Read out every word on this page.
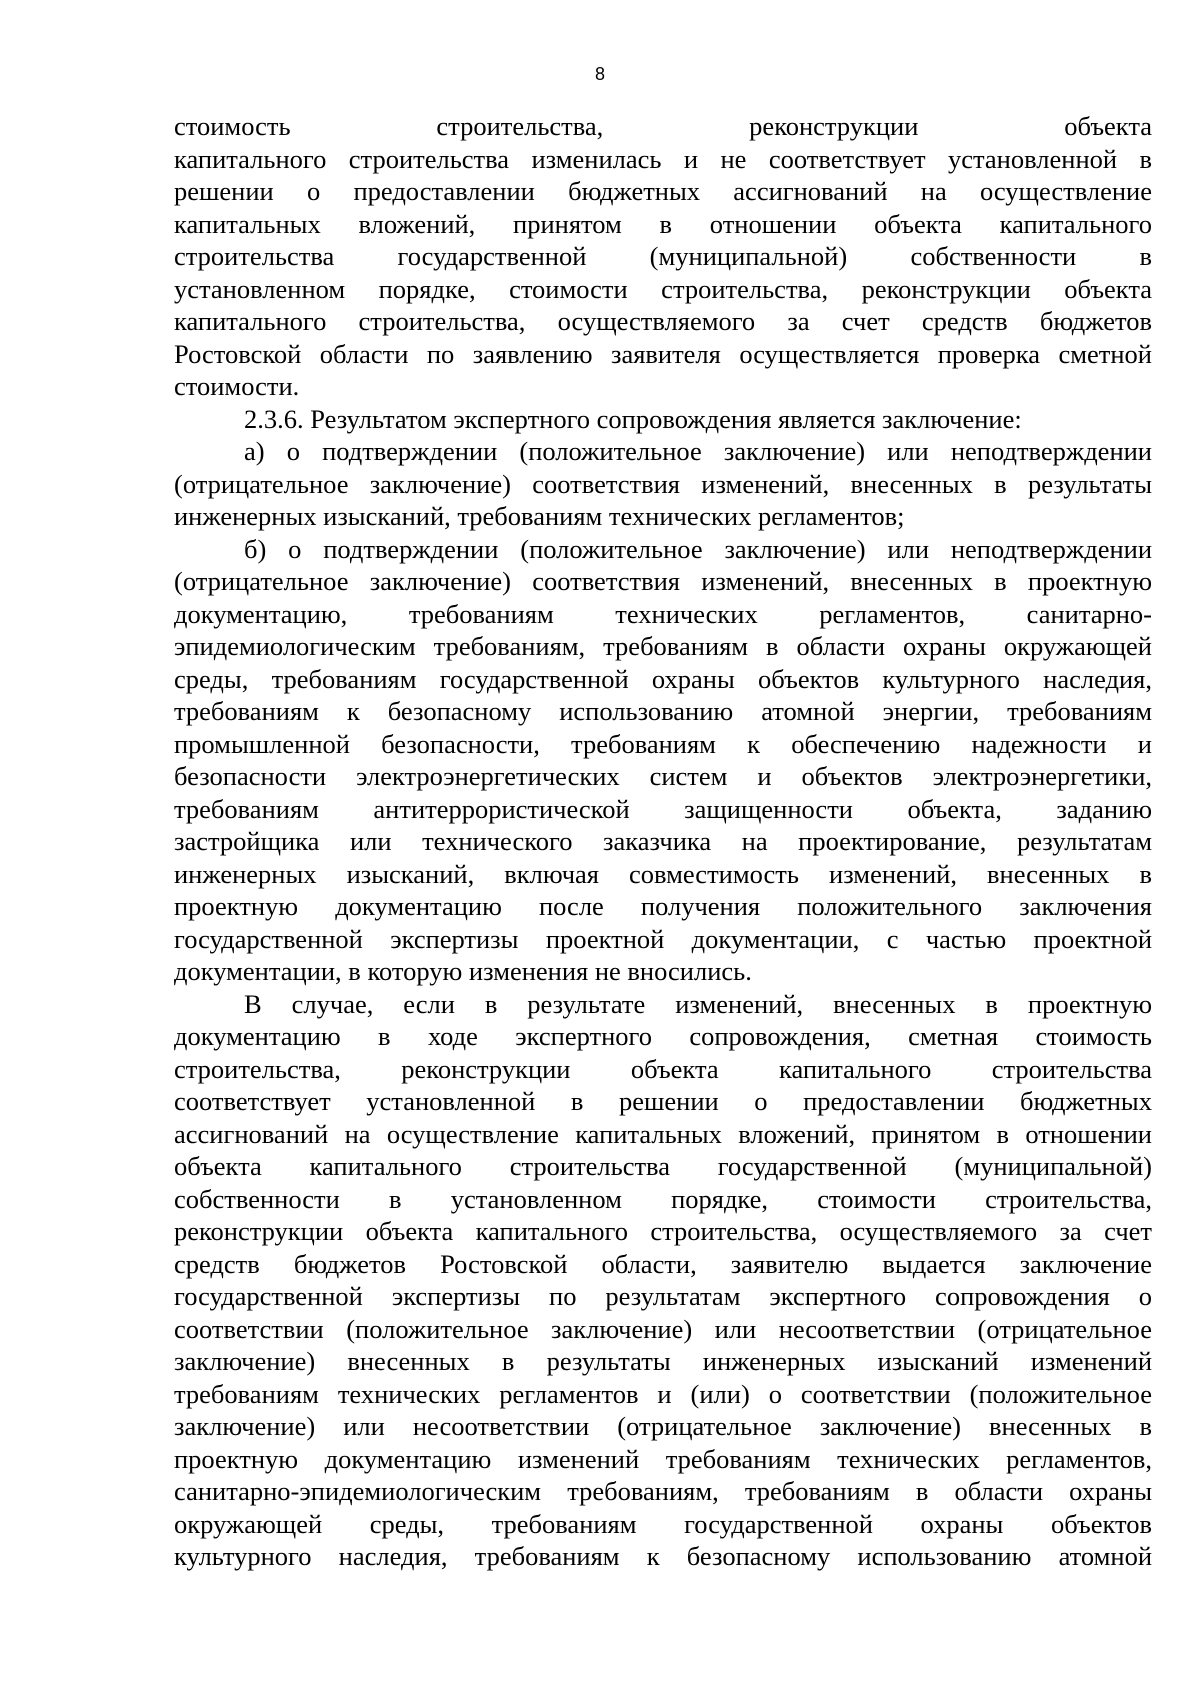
8
стоимость строительства, реконструкции объекта
капитального строительства изменилась и не соответствует установленной в
решении о предоставлении бюджетных ассигнований на осуществление
капитальных вложений, принятом в отношении объекта капитального
строительства государственной (муниципальной) собственности в
установленном порядке, стоимости строительства, реконструкции объекта
капитального строительства, осуществляемого за счет средств бюджетов
Ростовской области по заявлению заявителя осуществляется проверка сметной
стоимости.
2.3.6. Результатом экспертного сопровождения является заключение:
а) о подтверждении (положительное заключение) или неподтверждении
(отрицательное заключение) соответствия изменений, внесенных в результаты
инженерных изысканий, требованиям технических регламентов;
б) о подтверждении (положительное заключение) или неподтверждении
(отрицательное заключение) соответствия изменений, внесенных в проектную
документацию, требованиям технических регламентов, санитарно-
эпидемиологическим требованиям, требованиям в области охраны окружающей
среды, требованиям государственной охраны объектов культурного наследия,
требованиям к безопасному использованию атомной энергии, требованиям
промышленной безопасности, требованиям к обеспечению надежности и
безопасности электроэнергетических систем и объектов электроэнергетики,
требованиям антитеррористической защищенности объекта, заданию
застройщика или технического заказчика на проектирование, результатам
инженерных изысканий, включая совместимость изменений, внесенных в
проектную документацию после получения положительного заключения
государственной экспертизы проектной документации, с частью проектной
документации, в которую изменения не вносились.
В случае, если в результате изменений, внесенных в проектную
документацию в ходе экспертного сопровождения, сметная стоимость
строительства, реконструкции объекта капитального строительства
соответствует установленной в решении о предоставлении бюджетных
ассигнований на осуществление капитальных вложений, принятом в отношении
объекта капитального строительства государственной (муниципальной)
собственности в установленном порядке, стоимости строительства,
реконструкции объекта капитального строительства, осуществляемого за счет
средств бюджетов Ростовской области, заявителю выдается заключение
государственной экспертизы по результатам экспертного сопровождения о
соответствии (положительное заключение) или несоответствии (отрицательное
заключение) внесенных в результаты инженерных изысканий изменений
требованиям технических регламентов и (или) о соответствии (положительное
заключение) или несоответствии (отрицательное заключение) внесенных в
проектную документацию изменений требованиям технических регламентов,
санитарно-эпидемиологическим требованиям, требованиям в области охраны
окружающей среды, требованиям государственной охраны объектов
культурного наследия, требованиям к безопасному использованию атомной
